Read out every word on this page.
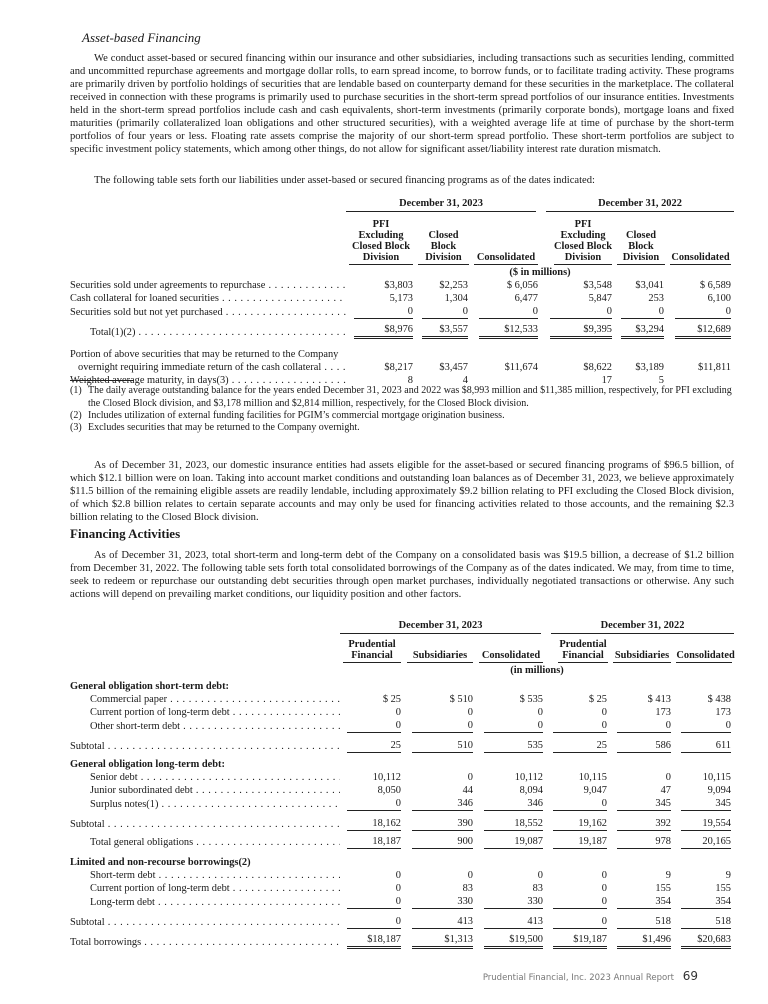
Asset-based Financing

We conduct asset-based or secured financing within our insurance and other subsidiaries, including transactions such as securities lending, committed and uncommitted repurchase agreements and mortgage dollar rolls, to earn spread income, to borrow funds, or to facilitate trading activity. These programs are primarily driven by portfolio holdings of securities that are lendable based on counterparty demand for these securities in the marketplace. The collateral received in connection with these programs is primarily used to purchase securities in the short-term spread portfolios of our insurance entities. Investments held in the short-term spread portfolios include cash and cash equivalents, short-term investments (primarily corporate bonds), mortgage loans and fixed maturities (primarily collateralized loan obligations and other structured securities), with a weighted average life at time of purchase by the short-term portfolios of four years or less. Floating rate assets comprise the majority of our short-term spread portfolio. These short-term portfolios are subject to specific investment policy statements, which among other things, do not allow for significant asset/liability interest rate duration mismatch.

The following table sets forth our liabilities under asset-based or secured financing programs as of the dates indicated:

	December 31, 2023			December 31, 2022		

PFI
Excluding
Closed Block
Division

Closed
Block
Division	Consolidated

PFI
Excluding
Closed Block
Division

Closed
Block
Division	Consolidated

	($ in millions)					
Securities sold under agreements to repurchase . . .	$3,803	$2,253	$ 6,056	$3,548	$3,041	$ 6,589
Cash collateral for loaned securities . . .	5,173	1,304	6,477	5,847	253	6,100
Securities sold but not yet purchased . . .	0	0	0	0	0	0
Total(1)(2) . . .	$8,976	$3,557	$12,533	$9,395	$3,294	$12,689
Portion of above securities that may be returned to the Company						
overnight requiring immediate return of the cash collateral . . .	$8,217	$3,457	$11,674	$8,622	$3,189	$11,811
Weighted average maturity, in days(3) . . .	8	4		17	5	
(1) The daily average outstanding balance for the years ended December 31, 2023 and 2022 was $8,993 million and $11,385 million, respectively, for PFI excluding the Closed Block division, and $3,178 million and $2,814 million, respectively, for the Closed Block division.
(2) Includes utilization of external funding facilities for PGIM’s commercial mortgage origination business.
(3) Excludes securities that may be returned to the Company overnight.

As of December 31, 2023, our domestic insurance entities had assets eligible for the asset-based or secured financing programs of $96.5 billion, of which $12.1 billion were on loan. Taking into account market conditions and outstanding loan balances as of December 31, 2023, we believe approximately $11.5 billion of the remaining eligible assets are readily lendable, including approximately $9.2 billion relating to PFI excluding the Closed Block division, of which $2.8 billion relates to certain separate accounts and may only be used for financing activities related to those accounts, and the remaining $2.3 billion relating to the Closed Block division.

Financing Activities

As of December 31, 2023, total short-term and long-term debt of the Company on a consolidated basis was $19.5 billion, a decrease of $1.2 billion from December 31, 2022. The following table sets forth total consolidated borrowings of the Company as of the dates indicated. We may, from time to time, seek to redeem or repurchase our outstanding debt securities through open market purchases, individually negotiated transactions or otherwise. Any such actions will depend on prevailing market conditions, our liquidity position and other factors.

	December 31, 2023			December 31, 2022		

Prudential
Financial	Subsidiaries	Consolidated

Prudential
Financial	Subsidiaries	Consolidated

	(in millions)					
General obligation short-term debt:						
Commercial paper . . .	$ 25	$ 510	$ 535	$ 25	$ 413	$ 438
Current portion of long-term debt . . .	0	0	0	0	173	173
Other short-term debt . . .	0	0	0	0	0	0
Subtotal . . .	25	510	535	25	586	611
General obligation long-term debt:						
Senior debt . . .	10,112	0	10,112	10,115	0	10,115
Junior subordinated debt . . .	8,050	44	8,094	9,047	47	9,094
Surplus notes(1) . . .	0	346	346	0	345	345
Subtotal . . .	18,162	390	18,552	19,162	392	19,554
Total general obligations . . .	18,187	900	19,087	19,187	978	20,165
Limited and non-recourse borrowings(2)						
Short-term debt . . .	0	0	0	0	9	9
Current portion of long-term debt . . .	0	83	83	0	155	155
Long-term debt . . .	0	330	330	0	354	354
Subtotal . . .	0	413	413	0	518	518
Total borrowings . . .	$18,187	$1,313	$19,500	$19,187	$1,496	$20,683
Prudential Financial, Inc. 2023 Annual Report 69
